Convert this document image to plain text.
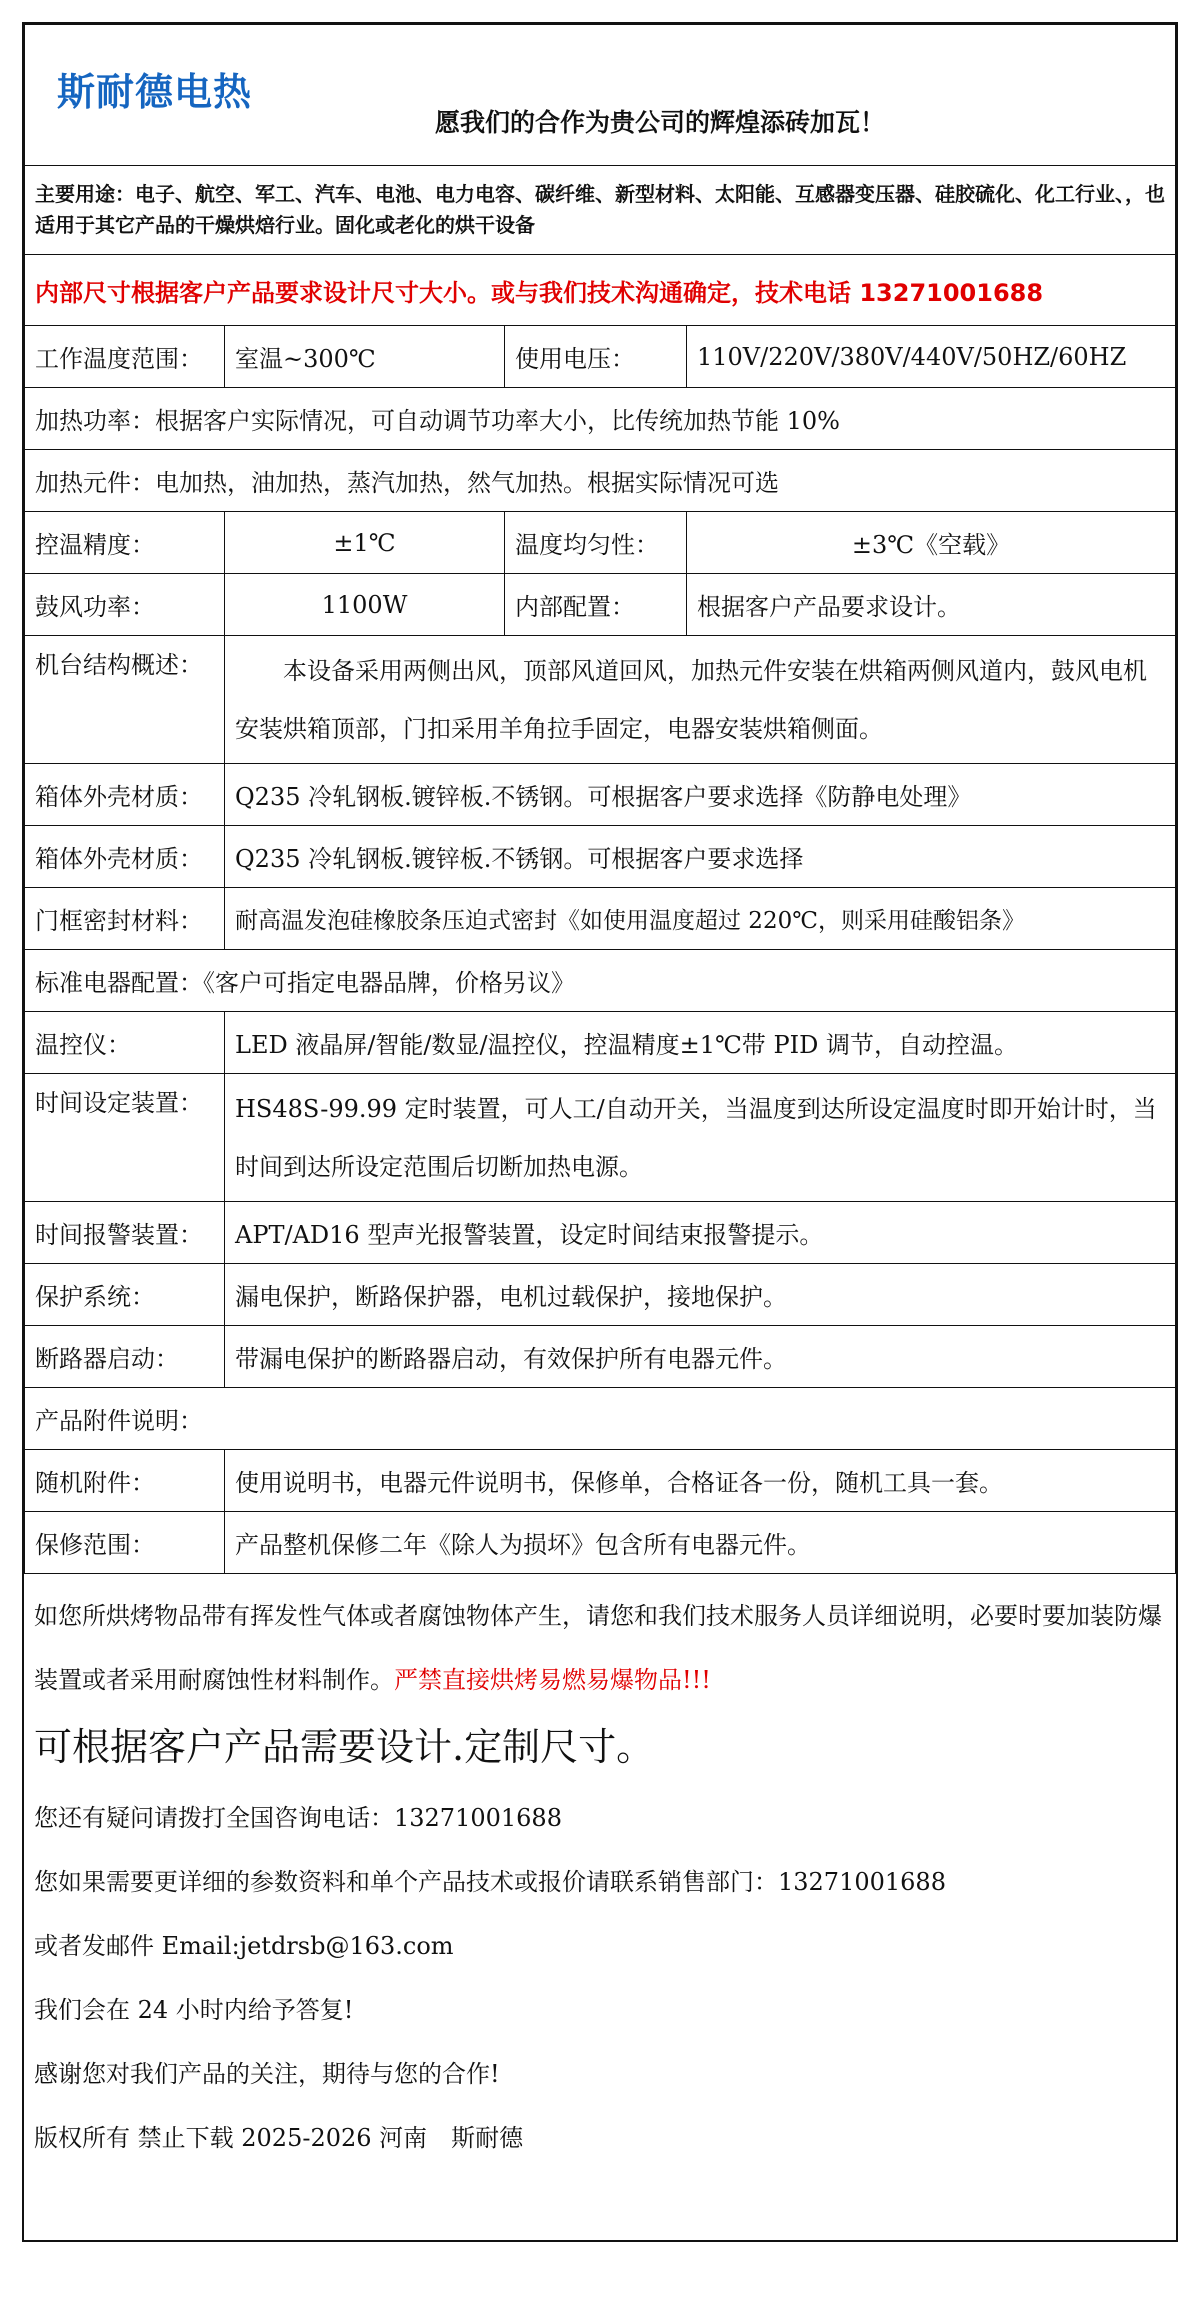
斯耐德电热
愿我们的合作为贵公司的辉煌添砖加瓦！			

主要用途：电子、航空、军工、汽车、电池、电力电容、碳纤维、新型材料、太阳能、互感器变压器、硅胶硫化、化工行业、，也适用于其它产品的干燥烘焙行业。固化或老化的烘干设备			
内部尺寸根据客户产品要求设计尺寸大小。或与我们技术沟通确定，技术电话 13271001688			
工作温度范围：	室温~300℃	使用电压：	110V/220V/380V/440V/50HZ/60HZ
加热功率：根据客户实际情况，可自动调节功率大小，比传统加热节能 10%			
加热元件：电加热，油加热，蒸汽加热，然气加热。根据实际情况可选			
控温精度：	±1℃	温度均匀性：	±3℃《空载》
鼓风功率：	1100W	内部配置：	根据客户产品要求设计。
机台结构概述：	本设备采用两侧出风，顶部风道回风，加热元件安装在烘箱两侧风道内，鼓风电机安装烘箱顶部，门扣采用羊角拉手固定，电器安装烘箱侧面。		
箱体外壳材质：	Q235 冷轧钢板.镀锌板.不锈钢。可根据客户要求选择《防静电处理》		
箱体外壳材质：	Q235 冷轧钢板.镀锌板.不锈钢。可根据客户要求选择		
门框密封材料：	耐高温发泡硅橡胶条压迫式密封《如使用温度超过 220℃，则采用硅酸铝条》		
标准电器配置：《客户可指定电器品牌，价格另议》			
温控仪：	LED 液晶屏/智能/数显/温控仪，控温精度±1℃带 PID 调节，自动控温。		
时间设定装置：	HS48S-99.99 定时装置，可人工/自动开关，当温度到达所设定温度时即开始计时，当时间到达所设定范围后切断加热电源。		
时间报警装置：	APT/AD16 型声光报警装置，设定时间结束报警提示。		
保护系统：	漏电保护，断路保护器，电机过载保护，接地保护。		
断路器启动：	带漏电保护的断路器启动，有效保护所有电器元件。		
产品附件说明：			
随机附件：	使用说明书，电器元件说明书，保修单，合格证各一份，随机工具一套。		
保修范围：	产品整机保修二年《除人为损坏》包含所有电器元件。		

如您所烘烤物品带有挥发性气体或者腐蚀物体产生，请您和我们技术服务人员详细说明，必要时要加装防爆装置或者采用耐腐蚀性材料制作。严禁直接烘烤易燃易爆物品!!!

可根据客户产品需要设计.定制尺寸。

您还有疑问请拨打全国咨询电话：13271001688

您如果需要更详细的参数资料和单个产品技术或报价请联系销售部门：13271001688

或者发邮件 Email:jetdrsb@163.com

我们会在 24 小时内给予答复!

感谢您对我们产品的关注，期待与您的合作!

版权所有 禁止下载 2025-2026 河南　斯耐德
